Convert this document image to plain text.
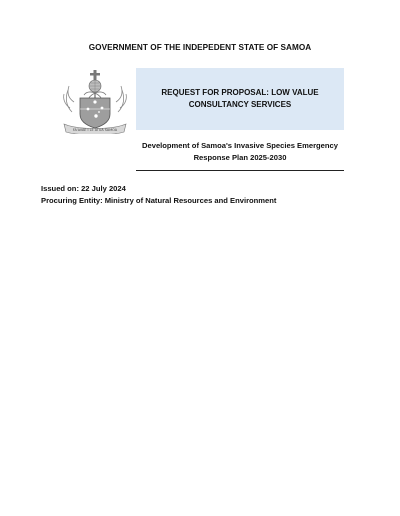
GOVERNMENT OF THE INDEPEDENT STATE OF SAMOA
FA'AVAE I LE ATUA SAMOA
REQUEST FOR PROPOSAL: LOW VALUE
CONSULTANCY SERVICES
Development of Samoa's Invasive Species Emergency
Response Plan 2025-2030
Issued on: 22 July 2024
Procuring Entity: Ministry of Natural Resources and Environment
